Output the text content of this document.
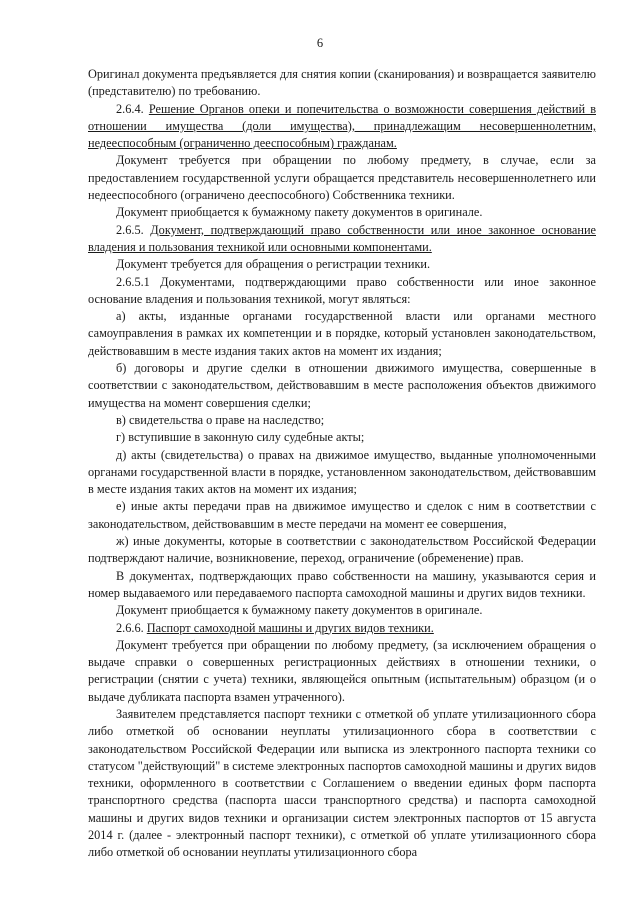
6

Оригинал документа предъявляется для снятия копии (сканирования) и возвращается заявителю (представителю) по требованию.

2.6.4. Решение Органов опеки и попечительства о возможности совершения действий в отношении имущества (доли имущества), принадлежащим несовершеннолетним, недееспособным (ограниченно дееспособным) гражданам.

Документ требуется при обращении по любому предмету, в случае, если за предоставлением государственной услуги обращается представитель несовершеннолетнего или недееспособного (ограничено дееспособного) Собственника техники.

Документ приобщается к бумажному пакету документов в оригинале.

2.6.5. Документ, подтверждающий право собственности или иное законное основание владения и пользования техникой или основными компонентами.

Документ требуется для обращения о регистрации техники.

2.6.5.1 Документами, подтверждающими право собственности или иное законное основание владения и пользования техникой, могут являться:

а) акты, изданные органами государственной власти или органами местного самоуправления в рамках их компетенции и в порядке, который установлен законодательством, действовавшим в месте издания таких актов на момент их издания;

б) договоры и другие сделки в отношении движимого имущества, совершенные в соответствии с законодательством, действовавшим в месте расположения объектов движимого имущества на момент совершения сделки;

в) свидетельства о праве на наследство;

г) вступившие в законную силу судебные акты;

д) акты (свидетельства) о правах на движимое имущество, выданные уполномоченными органами государственной власти в порядке, установленном законодательством, действовавшим в месте издания таких актов на момент их издания;

е) иные акты передачи прав на движимое имущество и сделок с ним в соответствии с законодательством, действовавшим в месте передачи на момент ее совершения,

ж) иные документы, которые в соответствии с законодательством Российской Федерации подтверждают наличие, возникновение, переход, ограничение (обременение) прав.

В документах, подтверждающих право собственности на машину, указываются серия и номер выдаваемого или передаваемого паспорта самоходной машины и других видов техники.

Документ приобщается к бумажному пакету документов в оригинале.

2.6.6. Паспорт самоходной машины и других видов техники.

Документ требуется при обращении по любому предмету, (за исключением обращения о выдаче справки о совершенных регистрационных действиях в отношении техники, о регистрации (снятии с учета) техники, являющейся опытным (испытательным) образцом (и о выдаче дубликата паспорта взамен утраченного).

Заявителем представляется паспорт техники с отметкой об уплате утилизационного сбора либо отметкой об основании неуплаты утилизационного сбора в соответствии с законодательством Российской Федерации или выписка из электронного паспорта техники со статусом "действующий" в системе электронных паспортов самоходной машины и других видов техники, оформленного в соответствии с Соглашением о введении единых форм паспорта транспортного средства (паспорта шасси транспортного средства) и паспорта самоходной машины и других видов техники и организации систем электронных паспортов от 15 августа 2014 г. (далее - электронный паспорт техники), с отметкой об уплате утилизационного сбора либо отметкой об основании неуплаты утилизационного сбора
